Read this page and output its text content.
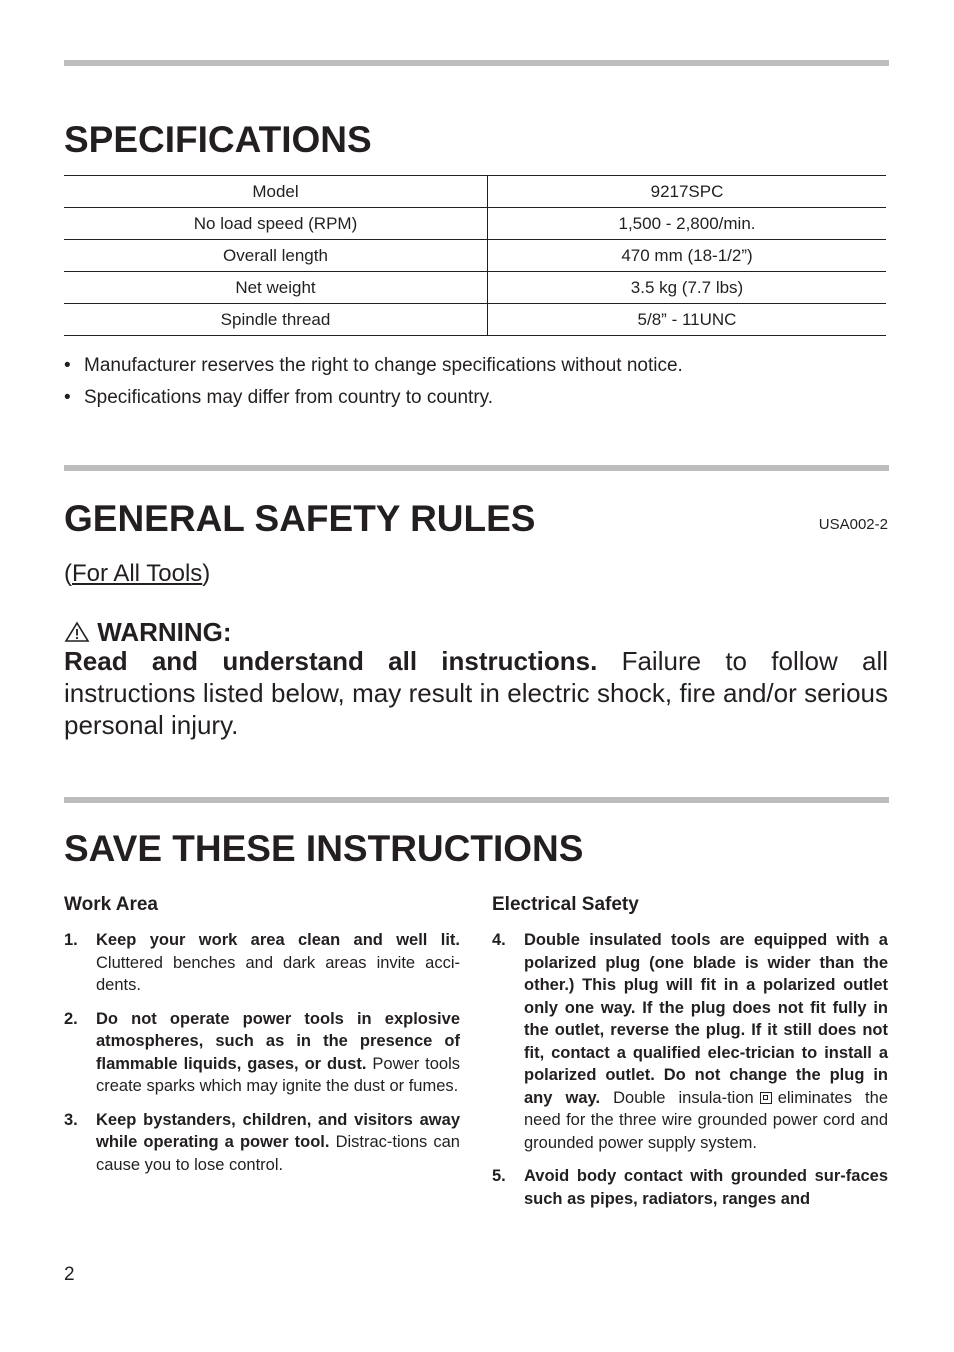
SPECIFICATIONS
Model	9217SPC
No load speed (RPM)	1,500 - 2,800/min.
Overall length	470 mm (18-1/2”)
Net weight	3.5 kg (7.7 lbs)
Spindle thread	5/8” - 11UNC
• Manufacturer reserves the right to change specifications without notice.
• Specifications may differ from country to country.
GENERAL SAFETY RULES	USA002-2
(For All Tools)
WARNING:
Read and understand all instructions. Failure to follow all instructions listed below, may result in electric shock, fire and/or serious personal injury.
SAVE THESE INSTRUCTIONS
Work Area
1.	Keep your work area clean and well lit. Cluttered benches and dark areas invite acci-dents.
2.	Do not operate power tools in explosive atmospheres, such as in the presence of flammable liquids, gases, or dust. Power tools create sparks which may ignite the dust or fumes.
3.	Keep bystanders, children, and visitors away while operating a power tool. Distrac-tions can cause you to lose control.
Electrical Safety
4.	Double insulated tools are equipped with a polarized plug (one blade is wider than the other.) This plug will fit in a polarized outlet only one way. If the plug does not fit fully in the outlet, reverse the plug. If it still does not fit, contact a qualified elec-trician to install a polarized outlet. Do not change the plug in any way. Double insula-tion eliminates the need for the three wire grounded power cord and grounded power supply system.
5.	Avoid body contact with grounded sur-faces such as pipes, radiators, ranges and
2
